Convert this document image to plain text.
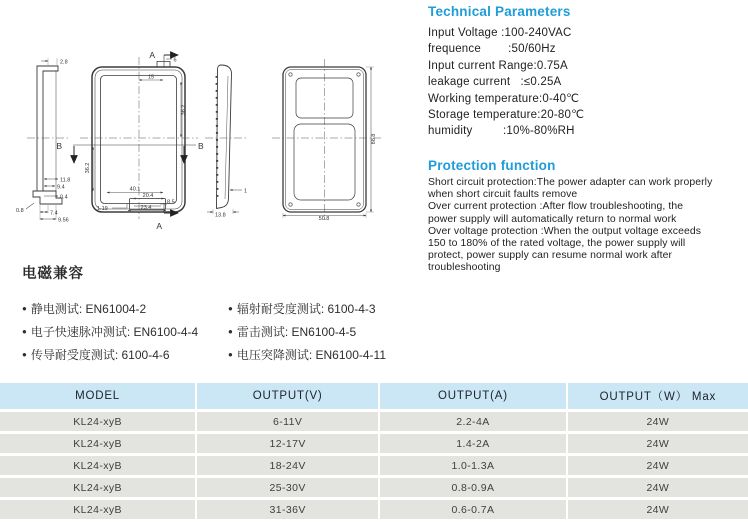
2.8
11.8
9.4
0.4
0.8	7.4
9.56
A
A
B	B
6
15
36.2
36.2
40.1
20.4
8.5
1.19	23.4
1
13.8
88.8
50.8
Technical Parameters
Input Voltage :100-240VAC
frequence        :50/60Hz
Input current Range:0.75A
leakage current   :≤0.25A
Working temperature:0-40℃
Storage temperature:20-80℃
humidity         :10%-80%RH
Protection function
Short circuit protection:The power adapter can work properly
when short circuit faults remove
Over current protection :After flow troubleshooting, the
power supply will automatically return to normal work
Over voltage protection :When the output voltage exceeds
150 to 180% of the rated voltage, the power supply will
protect, power supply can resume normal work after
troubleshooting
电磁兼容
● 静电测试: EN61004-2
● 电子快速脉冲测试: EN6100-4-4
● 传导耐受度测试: 6100-4-6
● 辐射耐受度测试: 6100-4-3
● 雷击测试: EN6100-4-5
● 电压突降测试: EN6100-4-11
MODEL	OUTPUT(V)	OUTPUT(A)	OUTPUT（W） Max
KL24-xyB	6-11V	2.2-4A	24W
KL24-xyB	12-17V	1.4-2A	24W
KL24-xyB	18-24V	1.0-1.3A	24W
KL24-xyB	25-30V	0.8-0.9A	24W
KL24-xyB	31-36V	0.6-0.7A	24W
